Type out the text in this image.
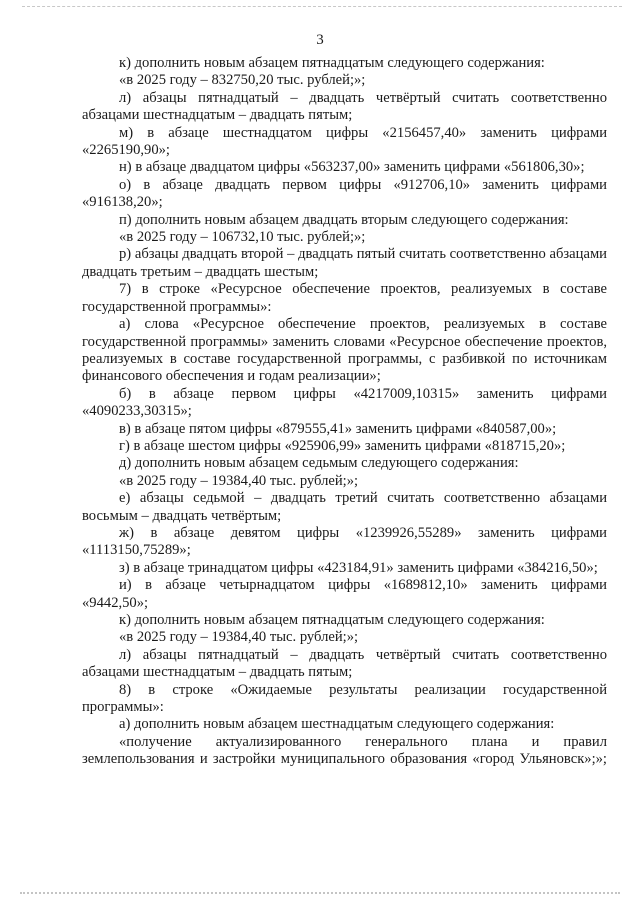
3

к) дополнить новым абзацем пятнадцатым следующего содержания:

«в 2025 году – 832750,20 тыс. рублей;»;

л) абзацы пятнадцатый – двадцать четвёртый считать соответственно абзацами шестнадцатым – двадцать пятым;

м) в абзаце шестнадцатом цифры «2156457,40» заменить цифрами «2265190,90»;

н) в абзаце двадцатом цифры «563237,00» заменить цифрами «561806,30»;

о) в абзаце двадцать первом цифры «912706,10» заменить цифрами «916138,20»;

п) дополнить новым абзацем двадцать вторым следующего содержания:

«в 2025 году – 106732,10 тыс. рублей;»;

р) абзацы двадцать второй – двадцать пятый считать соответственно абзацами двадцать третьим – двадцать шестым;

7) в строке «Ресурсное обеспечение проектов, реализуемых в составе государственной программы»:

а) слова «Ресурсное обеспечение проектов, реализуемых в составе государственной программы» заменить словами «Ресурсное обеспечение проектов, реализуемых в составе государственной программы, с разбивкой по источникам финансового обеспечения и годам реализации»;

б) в абзаце первом цифры «4217009,10315» заменить цифрами «4090233,30315»;

в) в абзаце пятом цифры «879555,41» заменить цифрами «840587,00»;

г) в абзаце шестом цифры «925906,99» заменить цифрами «818715,20»;

д) дополнить новым абзацем седьмым следующего содержания:

«в 2025 году – 19384,40 тыс. рублей;»;

е) абзацы седьмой – двадцать третий считать соответственно абзацами восьмым – двадцать четвёртым;

ж) в абзаце девятом цифры «1239926,55289» заменить цифрами «1113150,75289»;

з) в абзаце тринадцатом цифры «423184,91» заменить цифрами «384216,50»;

и) в абзаце четырнадцатом цифры «1689812,10» заменить цифрами «9442,50»;

к) дополнить новым абзацем пятнадцатым следующего содержания:

«в 2025 году – 19384,40 тыс. рублей;»;

л) абзацы пятнадцатый – двадцать четвёртый считать соответственно абзацами шестнадцатым – двадцать пятым;

8) в строке «Ожидаемые результаты реализации государственной программы»:

а) дополнить новым абзацем шестнадцатым следующего содержания:

«получение актуализированного генерального плана и правил землепользования и застройки муниципального образования «город Ульяновск»;»;
